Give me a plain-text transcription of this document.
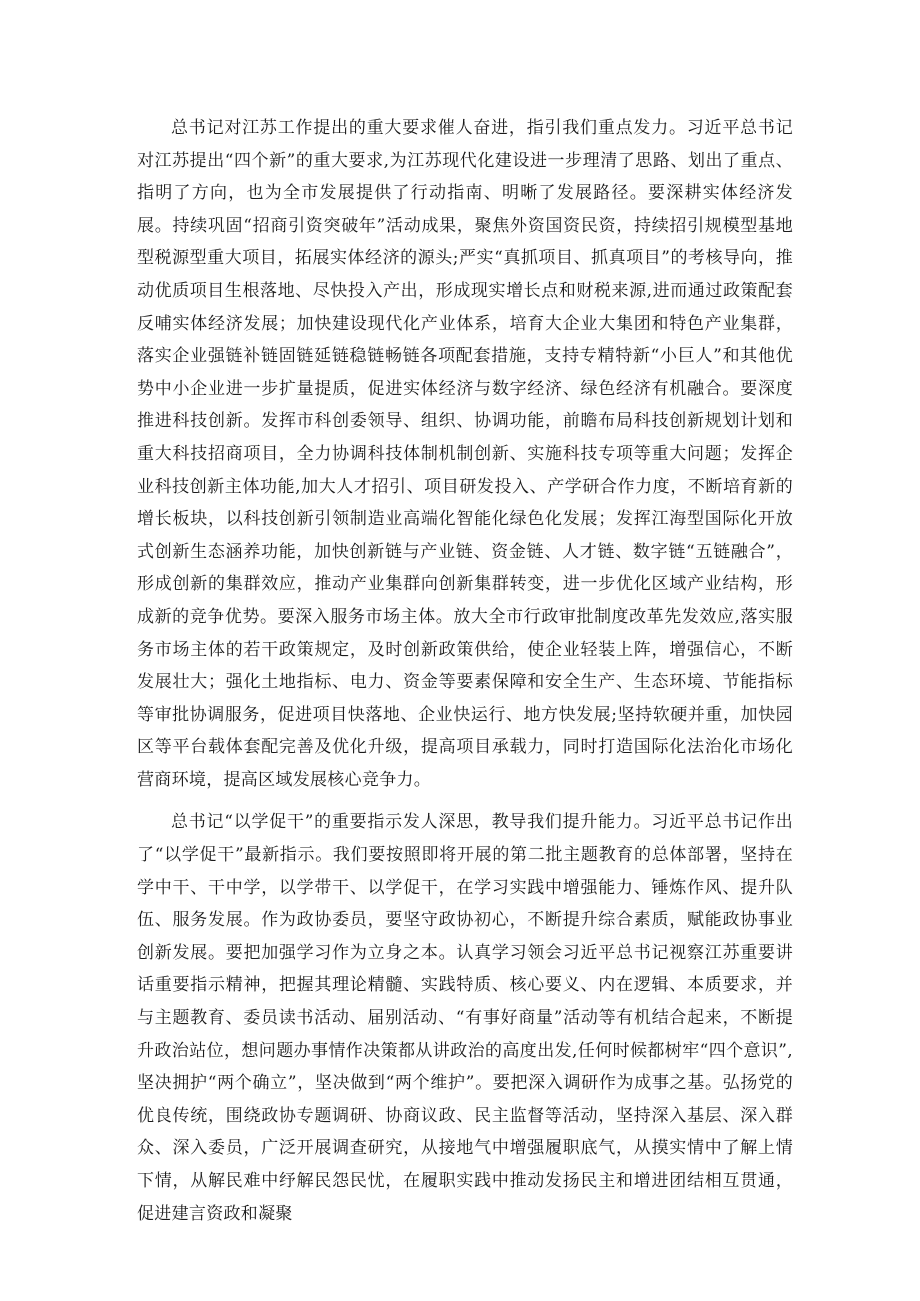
总书记对江苏工作提出的重大要求催人奋进，指引我们重点发力。习近平总书记对江苏提出“四个新”的重大要求,为江苏现代化建设进一步理清了思路、划出了重点、指明了方向，也为全市发展提供了行动指南、明晰了发展路径。要深耕实体经济发展。持续巩固“招商引资突破年”活动成果，聚焦外资国资民资，持续招引规模型基地型税源型重大项目，拓展实体经济的源头;严实“真抓项目、抓真项目”的考核导向，推动优质项目生根落地、尽快投入产出，形成现实增长点和财税来源,进而通过政策配套反哺实体经济发展；加快建设现代化产业体系，培育大企业大集团和特色产业集群，落实企业强链补链固链延链稳链畅链各项配套措施，支持专精特新“小巨人”和其他优势中小企业进一步扩量提质，促进实体经济与数字经济、绿色经济有机融合。要深度推进科技创新。发挥市科创委领导、组织、协调功能，前瞻布局科技创新规划计划和重大科技招商项目，全力协调科技体制机制创新、实施科技专项等重大问题；发挥企业科技创新主体功能,加大人才招引、项目研发投入、产学研合作力度，不断培育新的增长板块，以科技创新引领制造业高端化智能化绿色化发展；发挥江海型国际化开放式创新生态涵养功能，加快创新链与产业链、资金链、人才链、数字链“五链融合”，形成创新的集群效应，推动产业集群向创新集群转变，进一步优化区域产业结构，形成新的竞争优势。要深入服务市场主体。放大全市行政审批制度改革先发效应,落实服务市场主体的若干政策规定，及时创新政策供给，使企业轻装上阵，增强信心，不断发展壮大；强化土地指标、电力、资金等要素保障和安全生产、生态环境、节能指标等审批协调服务，促进项目快落地、企业快运行、地方快发展;坚持软硬并重，加快园区等平台载体套配完善及优化升级，提高项目承载力，同时打造国际化法治化市场化营商环境，提高区域发展核心竞争力。

总书记“以学促干”的重要指示发人深思，教导我们提升能力。习近平总书记作出了“以学促干”最新指示。我们要按照即将开展的第二批主题教育的总体部署，坚持在学中干、干中学，以学带干、以学促干，在学习实践中增强能力、锤炼作风、提升队伍、服务发展。作为政协委员，要坚守政协初心，不断提升综合素质，赋能政协事业创新发展。要把加强学习作为立身之本。认真学习领会习近平总书记视察江苏重要讲话重要指示精神，把握其理论精髓、实践特质、核心要义、内在逻辑、本质要求，并与主题教育、委员读书活动、届别活动、“有事好商量”活动等有机结合起来，不断提升政治站位，想问题办事情作决策都从讲政治的高度出发,任何时候都树牢“四个意识”,坚决拥护“两个确立”，坚决做到“两个维护”。要把深入调研作为成事之基。弘扬党的优良传统，围绕政协专题调研、协商议政、民主监督等活动，坚持深入基层、深入群众、深入委员，广泛开展调查研究，从接地气中增强履职底气，从摸实情中了解上情下情，从解民难中纾解民怨民忧，在履职实践中推动发扬民主和增进团结相互贯通，促进建言资政和凝聚
